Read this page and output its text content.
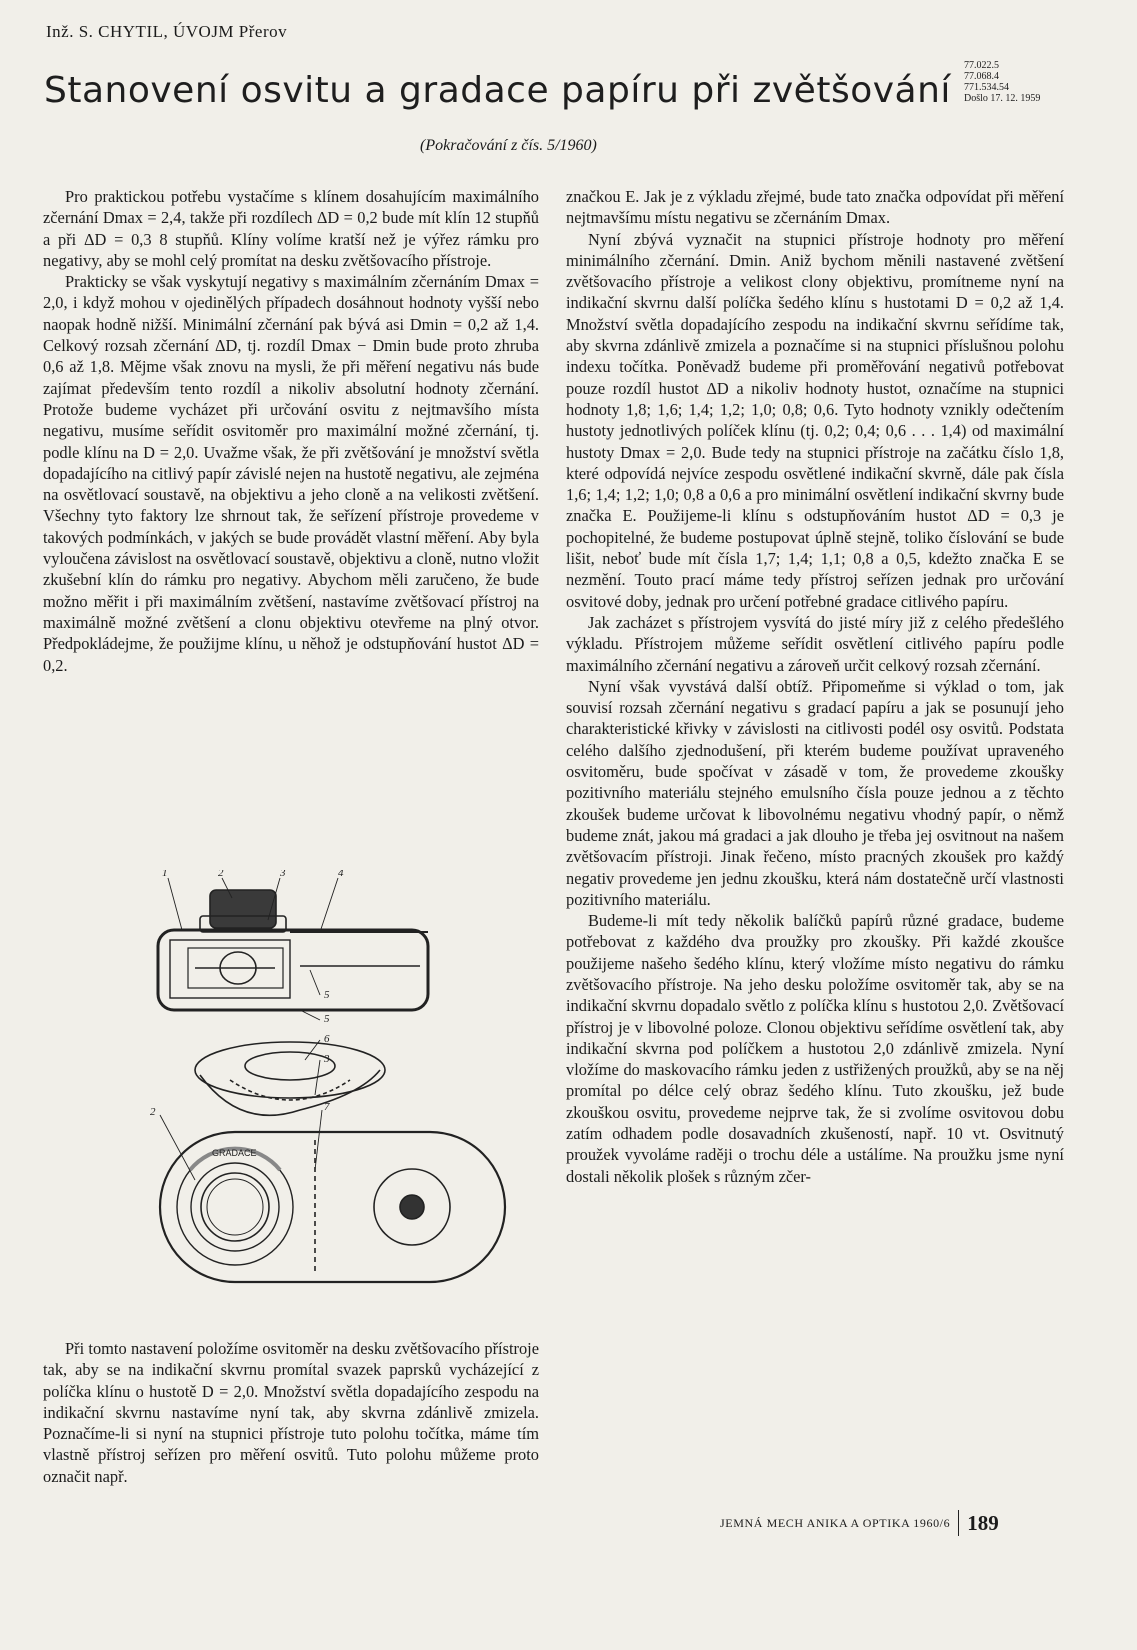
Inž. S. CHYTIL, ÚVOJM Přerov
Stanovení osvitu a gradace papíru při zvětšování
77.022.5
77.068.4
771.534.54
Došlo 17. 12. 1959
(Pokračování z čís. 5/1960)

Pro praktickou potřebu vystačíme s klínem dosahujícím maximálního zčernání Dmax = 2,4, takže při rozdílech ΔD = 0,2 bude mít klín 12 stupňů a při ΔD = 0,3 8 stupňů. Klíny volíme kratší než je výřez rámku pro negativy, aby se mohl celý promítat na desku zvětšovacího přístroje.

Prakticky se však vyskytují negativy s maximálním zčernáním Dmax = 2,0, i když mohou v ojedinělých případech dosáhnout hodnoty vyšší nebo naopak hodně nižší. Minimální zčernání pak bývá asi Dmin = 0,2 až 1,4. Celkový rozsah zčernání ΔD, tj. rozdíl Dmax − Dmin bude proto zhruba 0,6 až 1,8. Mějme však znovu na mysli, že při měření negativu nás bude zajímat především tento rozdíl a nikoliv absolutní hodnoty zčernání. Protože budeme vycházet při určování osvitu z nejtmavšího místa negativu, musíme seřídit osvitoměr pro maximální možné zčernání, tj. podle klínu na D = 2,0. Uvažme však, že při zvětšování je množství světla dopadajícího na citlivý papír závislé nejen na hustotě negativu, ale zejména na osvětlovací soustavě, na objektivu a jeho cloně a na velikosti zvětšení. Všechny tyto faktory lze shrnout tak, že seřízení přístroje provedeme v takových podmínkách, v jakých se bude provádět vlastní měření. Aby byla vyloučena závislost na osvětlovací soustavě, objektivu a cloně, nutno vložit zkušební klín do rámku pro negativy. Abychom měli zaručeno, že bude možno měřit i při maximálním zvětšení, nastavíme zvětšovací přístroj na maximálně možné zvětšení a clonu objektivu otevřeme na plný otvor. Předpokládejme, že použijme klínu, u něhož je odstupňování hustot ΔD = 0,2.

GRADACE
1	2	3	4
5
5
6
3
2	7

Při tomto nastavení položíme osvitoměr na desku zvětšovacího přístroje tak, aby se na indikační skvrnu promítal svazek paprsků vycházející z políčka klínu o hustotě D = 2,0. Množství světla dopadajícího zespodu na indikační skvrnu nastavíme nyní tak, aby skvrna zdánlivě zmizela. Poznačíme-li si nyní na stupnici přístroje tuto polohu točítka, máme tím vlastně přístroj seřízen pro měření osvitů. Tuto polohu můžeme proto označit např.

značkou E. Jak je z výkladu zřejmé, bude tato značka odpovídat při měření nejtmavšímu místu negativu se zčernáním Dmax.

Nyní zbývá vyznačit na stupnici přístroje hodnoty pro měření minimálního zčernání. Dmin. Aniž bychom měnili nastavené zvětšení zvětšovacího přístroje a velikost clony objektivu, promítneme nyní na indikační skvrnu další políčka šedého klínu s hustotami D = 0,2 až 1,4. Množství světla dopadajícího zespodu na indikační skvrnu seřídíme tak, aby skvrna zdánlivě zmizela a poznačíme si na stupnici příslušnou polohu indexu točítka. Poněvadž budeme při proměřování negativů potřebovat pouze rozdíl hustot ΔD a nikoliv hodnoty hustot, označíme na stupnici hodnoty 1,8; 1,6; 1,4; 1,2; 1,0; 0,8; 0,6. Tyto hodnoty vznikly odečtením hustoty jednotlivých políček klínu (tj. 0,2; 0,4; 0,6 . . . 1,4) od maximální hustoty Dmax = 2,0. Bude tedy na stupnici přístroje na začátku číslo 1,8, které odpovídá nejvíce zespodu osvětlené indikační skvrně, dále pak čísla 1,6; 1,4; 1,2; 1,0; 0,8 a 0,6 a pro minimální osvětlení indikační skvrny bude značka E. Použijeme-li klínu s odstupňováním hustot ΔD = 0,3 je pochopitelné, že budeme postupovat úplně stejně, toliko číslování se bude lišit, neboť bude mít čísla 1,7; 1,4; 1,1; 0,8 a 0,5, kdežto značka E se nezmění. Touto prací máme tedy přístroj seřízen jednak pro určování osvitové doby, jednak pro určení potřebné gradace citlivého papíru.

Jak zacházet s přístrojem vysvítá do jisté míry již z celého předešlého výkladu. Přístrojem můžeme seřídit osvětlení citlivého papíru podle maximálního zčernání negativu a zároveň určit celkový rozsah zčernání.

Nyní však vyvstává další obtíž. Připomeňme si výklad o tom, jak souvisí rozsah zčernání negativu s gradací papíru a jak se posunují jeho charakteristické křivky v závislosti na citlivosti podél osy osvitů. Podstata celého dalšího zjednodušení, při kterém budeme používat upraveného osvitoměru, bude spočívat v zásadě v tom, že provedeme zkoušky pozitivního materiálu stejného emulsního čísla pouze jednou a z těchto zkoušek budeme určovat k libovolnému negativu vhodný papír, o němž budeme znát, jakou má gradaci a jak dlouho je třeba jej osvitnout na našem zvětšovacím přístroji. Jinak řečeno, místo pracných zkoušek pro každý negativ provedeme jen jednu zkoušku, která nám dostatečně určí vlastnosti pozitivního materiálu.

Budeme-li mít tedy několik balíčků papírů různé gradace, budeme potřebovat z každého dva proužky pro zkoušky. Při každé zkoušce použijeme našeho šedého klínu, který vložíme místo negativu do rámku zvětšovacího přístroje. Na jeho desku položíme osvitoměr tak, aby se na indikační skvrnu dopadalo světlo z políčka klínu s hustotou 2,0. Zvětšovací přístroj je v libovolné poloze. Clonou objektivu seřídíme osvětlení tak, aby indikační skvrna pod políčkem a hustotou 2,0 zdánlivě zmizela. Nyní vložíme do maskovacího rámku jeden z ustřižených proužků, aby se na něj promítal po délce celý obraz šedého klínu. Tuto zkoušku, jež bude zkouškou osvitu, provedeme nejprve tak, že si zvolíme osvitovou dobu zatím odhadem podle dosavadních zkušeností, např. 10 vt. Osvitnutý proužek vyvoláme raději o trochu déle a ustálíme. Na proužku jsme nyní dostali několik plošek s různým zčer-

JEMNÁ MECH ANIKA A OPTIKA 1960/6 189
